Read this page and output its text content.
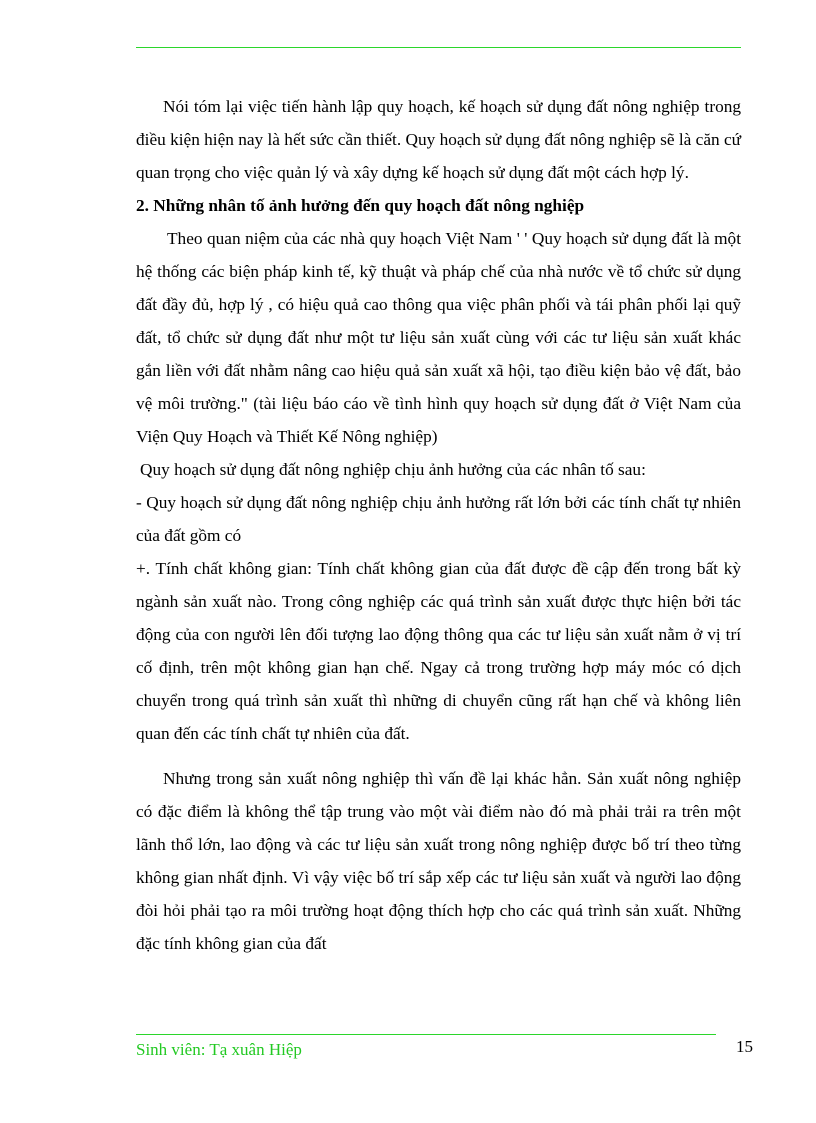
Nói tóm lại việc tiến hành lập quy hoạch, kế hoạch sử dụng đất nông nghiệp trong điều kiện hiện nay là hết sức cần thiết. Quy hoạch sử dụng đất nông nghiệp sẽ là căn cứ quan trọng cho việc quản lý và xây dựng kế hoạch sử dụng đất một cách hợp lý.

2. Những nhân tố ảnh hưởng đến quy hoạch đất nông nghiệp

Theo quan niệm của các nhà quy hoạch Việt Nam ' ' Quy hoạch sử dụng đất là một hệ thống các biện pháp kinh tế, kỹ thuật và pháp chế của nhà nước về tổ chức sử dụng đất đầy đủ, hợp lý , có hiệu quả cao thông qua việc phân phối và tái phân phối lại quỹ đất, tổ chức sử dụng đất như một tư liệu sản xuất cùng với các tư liệu sản xuất khác gắn liền với đất nhằm nâng cao hiệu quả sản xuất xã hội, tạo điều kiện bảo vệ đất, bảo vệ môi trường." (tài liệu báo cáo về tình hình quy hoạch sử dụng đất ở Việt Nam của Viện Quy Hoạch và Thiết Kế Nông nghiệp)

Quy hoạch sử dụng đất nông nghiệp chịu ảnh hưởng của các nhân tố sau:

- Quy hoạch sử dụng đất nông nghiệp chịu ảnh hưởng rất lớn bởi các tính chất tự nhiên của đất gồm có

+. Tính chất không gian: Tính chất không gian của đất được đề cập đến trong bất kỳ ngành sản xuất nào. Trong công nghiệp các quá trình sản xuất được thực hiện bởi tác động của con người lên đối tượng lao động thông qua các tư liệu sản xuất nằm ở vị trí cố định, trên một không gian hạn chế. Ngay cả trong trường hợp máy móc có dịch chuyển trong quá trình sản xuất thì những di chuyển cũng rất hạn chế và không liên quan đến các tính chất tự nhiên của đất.

Nhưng trong sản xuất nông nghiệp thì vấn đề lại khác hẳn. Sản xuất nông nghiệp có đặc điểm là không thể tập trung vào một vài điểm nào đó mà phải trải ra trên một lãnh thổ lớn, lao động và các tư liệu sản xuất trong nông nghiệp được bố trí theo từng không gian nhất định. Vì vậy việc bố trí sắp xếp các tư liệu sản xuất và người lao động đòi hỏi phải tạo ra môi trường hoạt động thích hợp cho các quá trình sản xuất. Những đặc tính không gian của đất

Sinh viên: Tạ xuân Hiệp	15
